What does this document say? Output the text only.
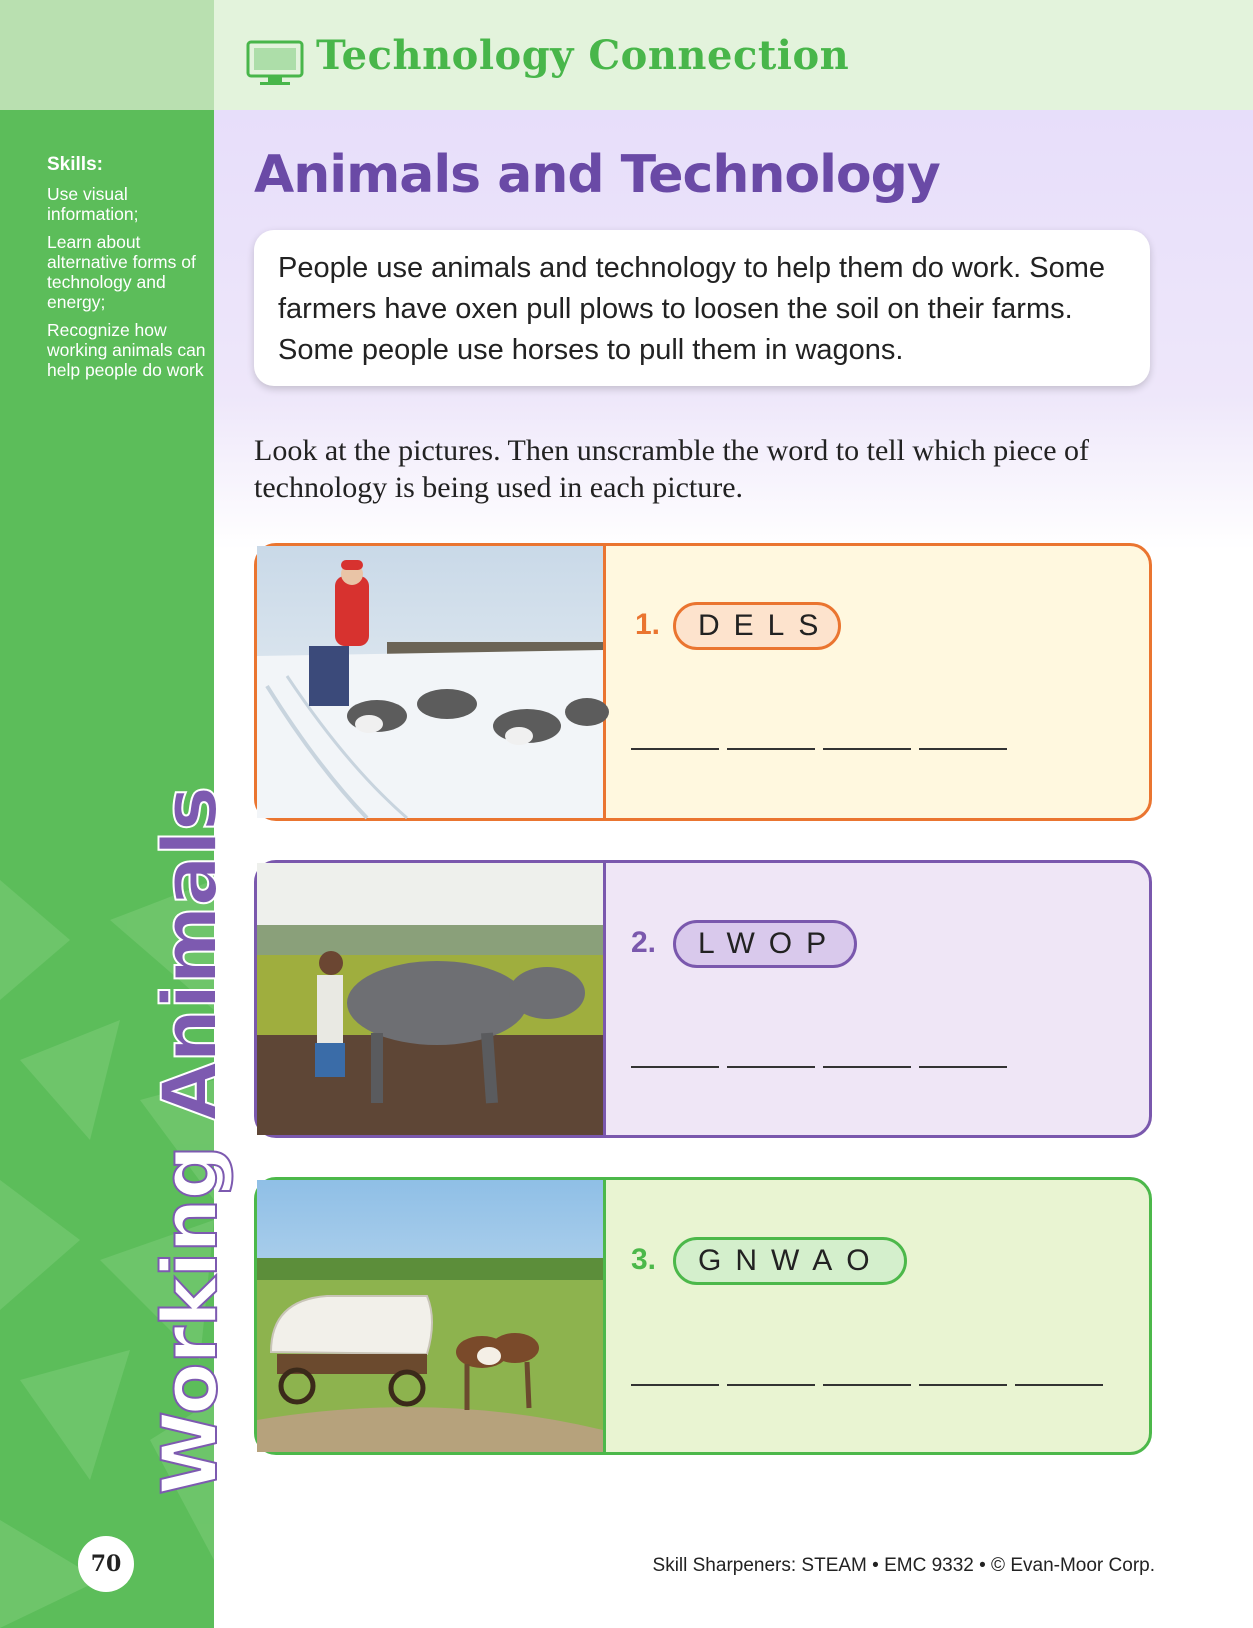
Skills:
Use visual information;
Learn about alternative forms of technology and energy;
Recognize how working animals can help people do work
Working Animals
70
Technology Connection
Animals and Technology

People use animals and technology to help them do work. Some farmers have oxen pull plows to loosen the soil on their farms. Some people use horses to pull them in wagons.

Look at the pictures. Then unscramble the word to tell which piece of technology is being used in each picture.
1.	DELS
2.	LWOP
3.	GNWAO
Skill Sharpeners: STEAM • EMC 9332 • © Evan-Moor Corp.
